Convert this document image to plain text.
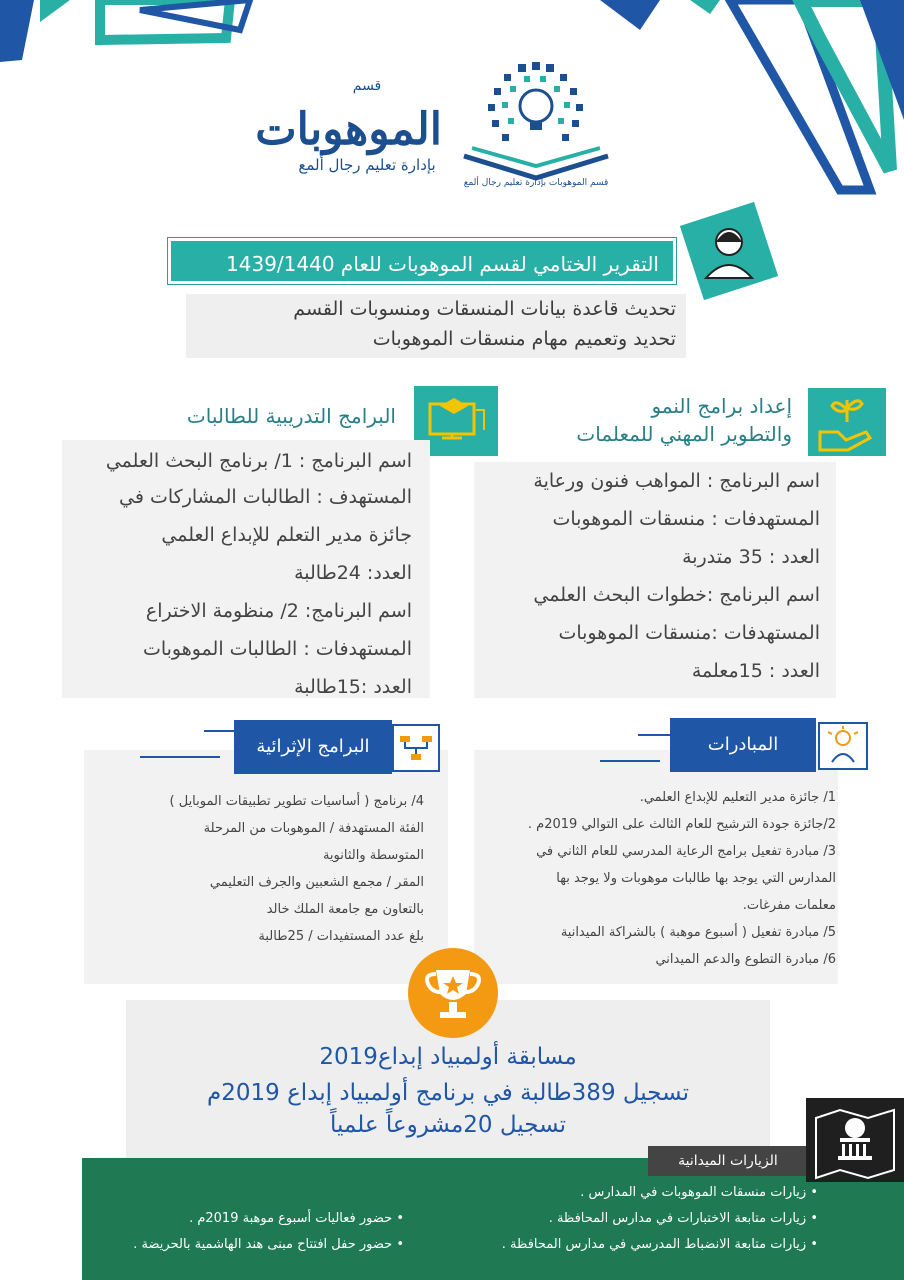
قسم
الموهوبات
بإدارة تعليم رجال ألمع
قسم الموهوبات بإدارة تعليم رجال ألمع
التقرير الختامي لقسم الموهوبات للعام 1439/1440
تحديث قاعدة بيانات المنسقات ومنسوبات القسم
تحديد وتعميم مهام منسقات الموهوبات
إعداد برامج النمو
والتطوير المهني للمعلمات
اسم البرنامج : المواهب فنون ورعاية
المستهدفات : منسقات الموهوبات
العدد : 35 متدربة
اسم البرنامج :خطوات البحث العلمي
المستهدفات :منسقات الموهوبات
العدد : 15معلمة
البرامج التدريبية للطالبات
اسم البرنامج : 1/ برنامج البحث العلمي
المستهدف : الطالبات المشاركات في
جائزة مدير التعلم للإبداع العلمي
العدد: 24طالبة
اسم البرنامج: 2/ منظومة الاختراع
المستهدفات : الطالبات الموهوبات
العدد :15طالبة
المبادرات
1/ جائزة مدير التعليم للإبداع العلمي.
2/جائزة جودة الترشيح للعام الثالث على التوالي 2019م .
3/ مبادرة تفعيل برامج الرعاية المدرسي للعام الثاني في
المدارس التي يوجد بها طالبات موهوبات ولا يوجد بها
معلمات مفرغات.
5/ مبادرة تفعيل ( أسبوع موهبة ) بالشراكة الميدانية
6/ مبادرة التطوع والدعم الميداني
البرامج الإثرائية
4/ برنامج ( أساسيات تطوير تطبيقات الموبايل )
الفئة المستهدفة / الموهوبات من المرحلة
المتوسطة والثانوية
المقر / مجمع الشعبين والجرف التعليمي
بالتعاون مع جامعة الملك خالد
بلغ عدد المستفيدات / 25طالبة
مسابقة أولمبياد إبداع2019
تسجيل 389طالبة في برنامج أولمبياد إبداع 2019م
تسجيل 20مشروعاً علمياً
• زيارات منسقات الموهوبات في المدارس .
• زيارات متابعة الاختبارات في مدارس المحافظة .
• زيارات متابعة الانضباط المدرسي في مدارس المحافظة .
• حضور فعاليات أسبوع موهبة 2019م .
• حضور حفل افتتاح مبنى هند الهاشمية بالحريضة .
الزيارات الميدانية
